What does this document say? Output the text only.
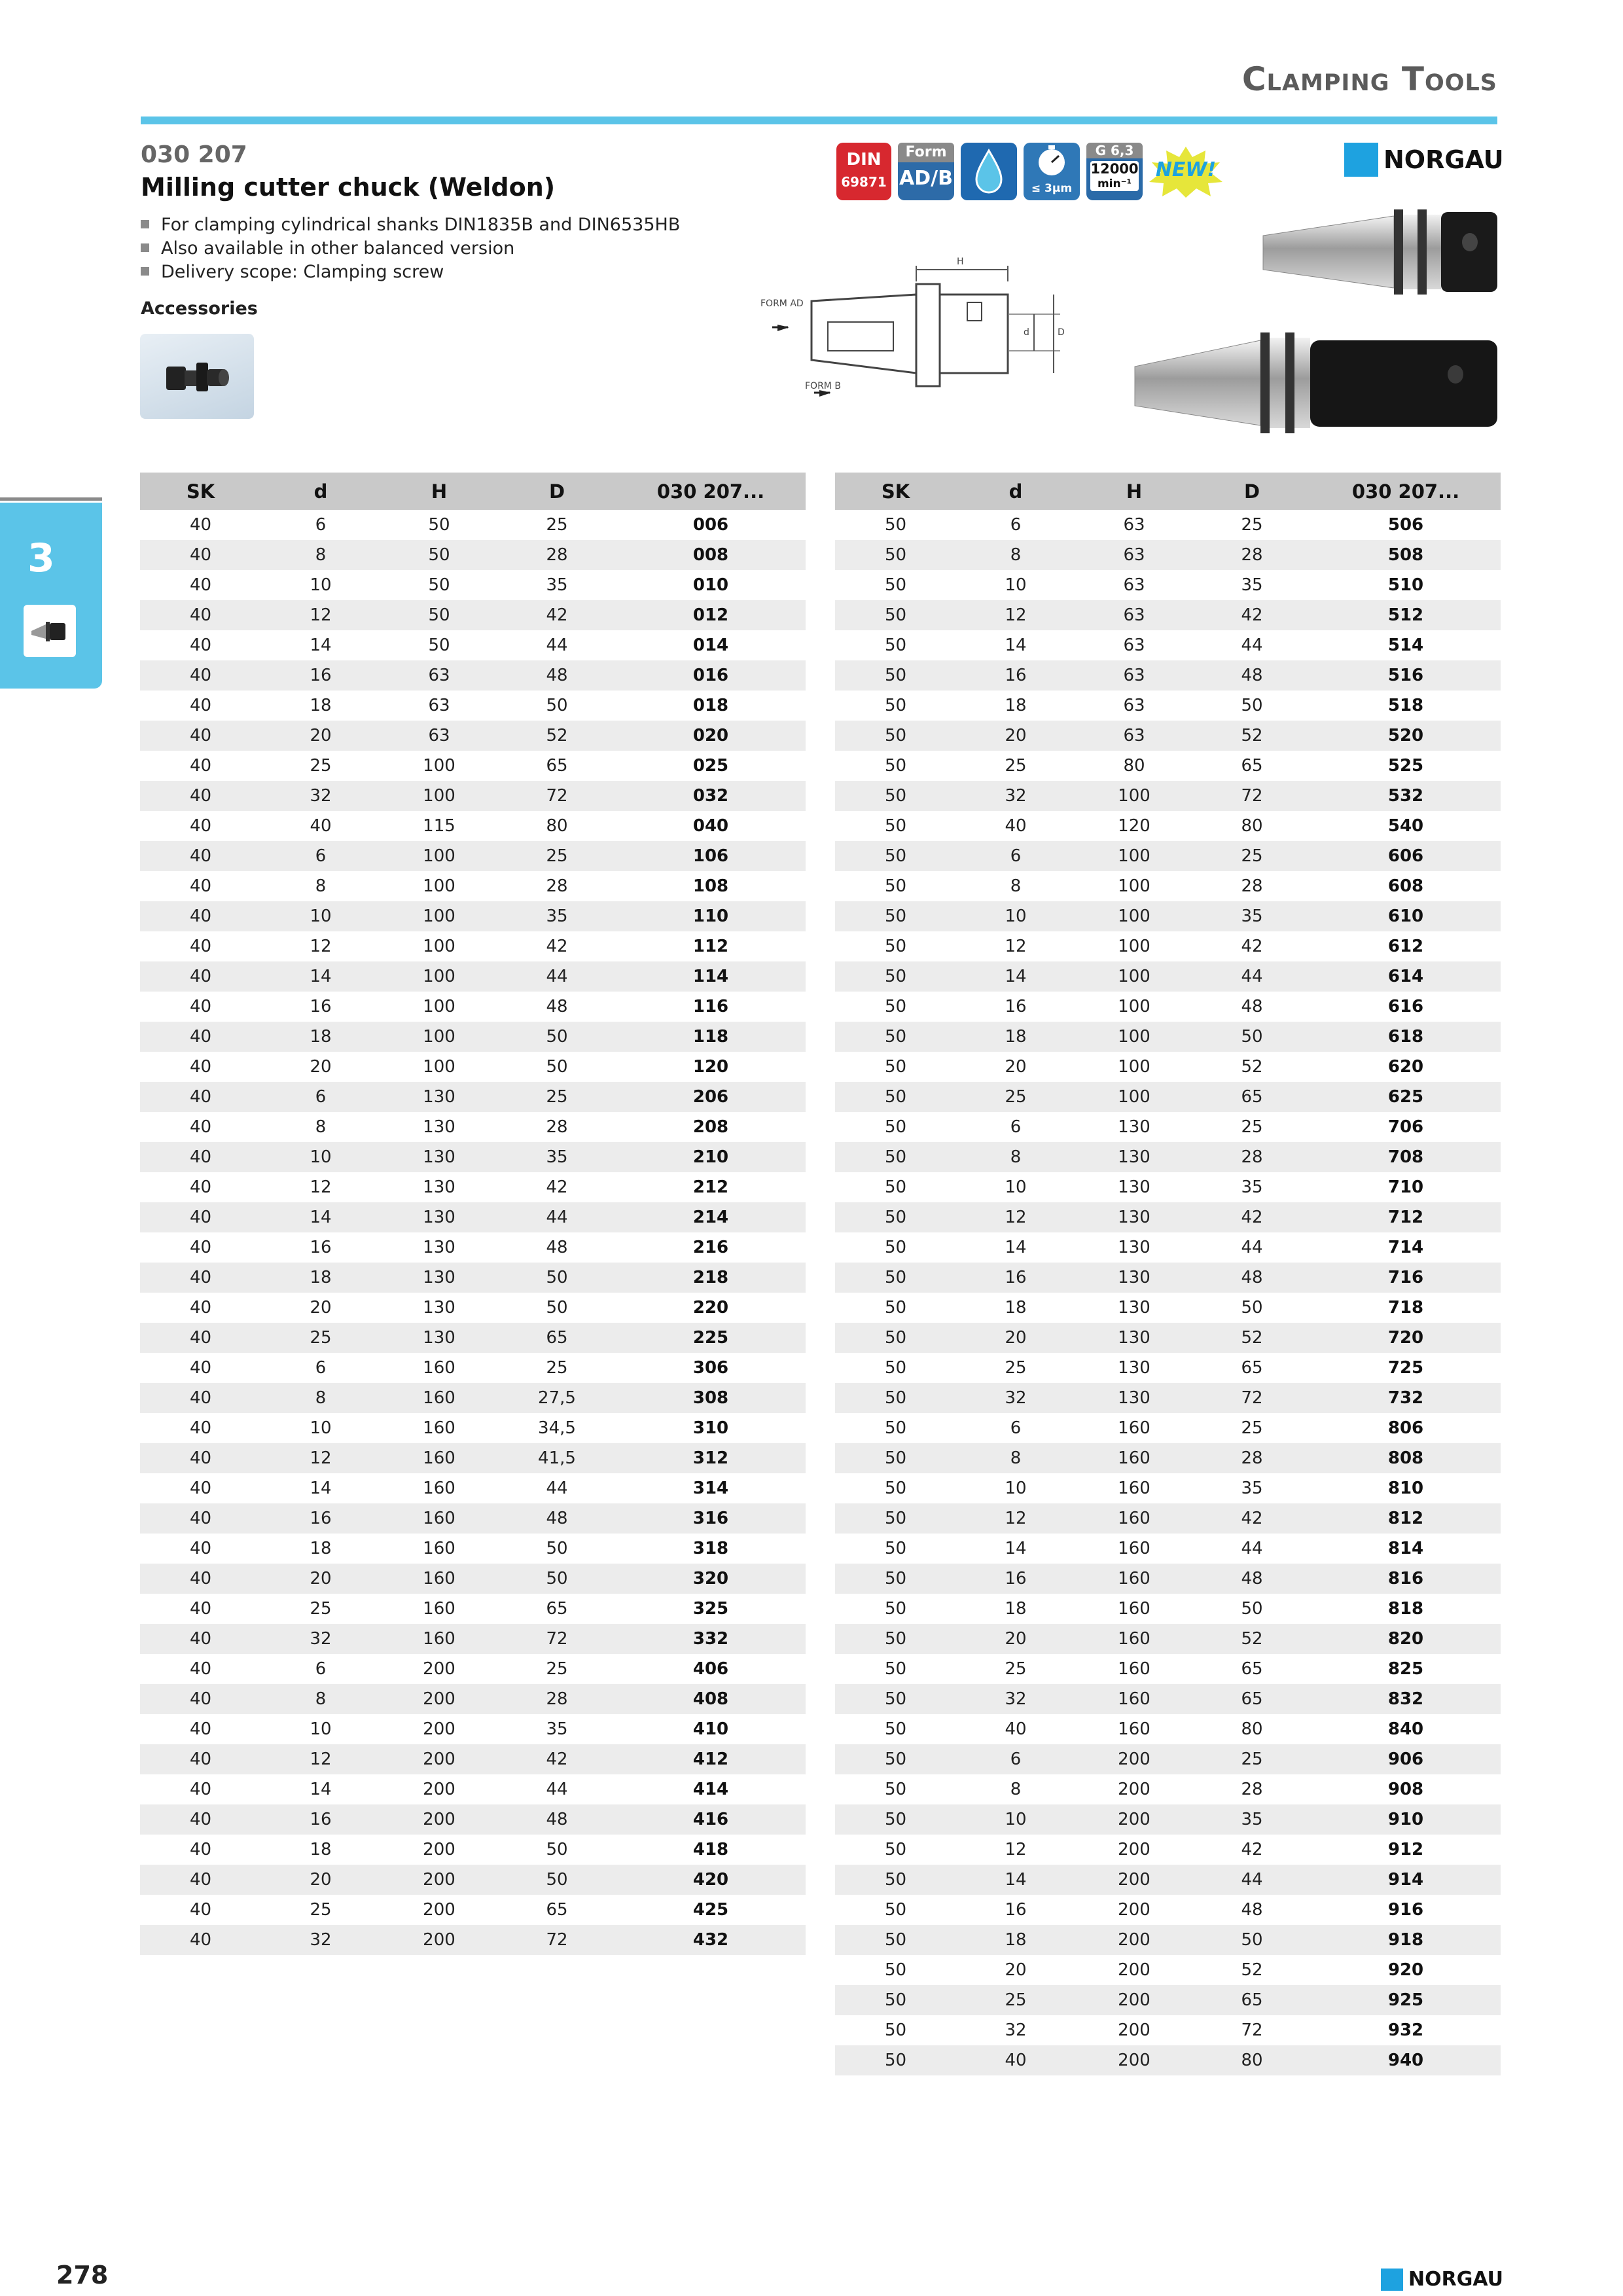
Clamping Tools
030 207
Milling cutter chuck (Weldon)
For clamping cylindrical shanks DIN1835B and DIN6535HB
Also available in other balanced version
Delivery scope: Clamping screw
Accessories
DIN
69871
Form
AD/B	≤ 3µm
G 6,3
12000
min⁻¹
NEW!	NORGAU
FORM AD
FORM B
H
d	D
3
SK	d	H	D	030 207...
40	6	50	25	006
40	8	50	28	008
40	10	50	35	010
40	12	50	42	012
40	14	50	44	014
40	16	63	48	016
40	18	63	50	018
40	20	63	52	020
40	25	100	65	025
40	32	100	72	032
40	40	115	80	040
40	6	100	25	106
40	8	100	28	108
40	10	100	35	110
40	12	100	42	112
40	14	100	44	114
40	16	100	48	116
40	18	100	50	118
40	20	100	50	120
40	6	130	25	206
40	8	130	28	208
40	10	130	35	210
40	12	130	42	212
40	14	130	44	214
40	16	130	48	216
40	18	130	50	218
40	20	130	50	220
40	25	130	65	225
40	6	160	25	306
40	8	160	27,5	308
40	10	160	34,5	310
40	12	160	41,5	312
40	14	160	44	314
40	16	160	48	316
40	18	160	50	318
40	20	160	50	320
40	25	160	65	325
40	32	160	72	332
40	6	200	25	406
40	8	200	28	408
40	10	200	35	410
40	12	200	42	412
40	14	200	44	414
40	16	200	48	416
40	18	200	50	418
40	20	200	50	420
40	25	200	65	425
40	32	200	72	432
SK	d	H	D	030 207...
50	6	63	25	506
50	8	63	28	508
50	10	63	35	510
50	12	63	42	512
50	14	63	44	514
50	16	63	48	516
50	18	63	50	518
50	20	63	52	520
50	25	80	65	525
50	32	100	72	532
50	40	120	80	540
50	6	100	25	606
50	8	100	28	608
50	10	100	35	610
50	12	100	42	612
50	14	100	44	614
50	16	100	48	616
50	18	100	50	618
50	20	100	52	620
50	25	100	65	625
50	6	130	25	706
50	8	130	28	708
50	10	130	35	710
50	12	130	42	712
50	14	130	44	714
50	16	130	48	716
50	18	130	50	718
50	20	130	52	720
50	25	130	65	725
50	32	130	72	732
50	6	160	25	806
50	8	160	28	808
50	10	160	35	810
50	12	160	42	812
50	14	160	44	814
50	16	160	48	816
50	18	160	50	818
50	20	160	52	820
50	25	160	65	825
50	32	160	65	832
50	40	160	80	840
50	6	200	25	906
50	8	200	28	908
50	10	200	35	910
50	12	200	42	912
50	14	200	44	914
50	16	200	48	916
50	18	200	50	918
50	20	200	52	920
50	25	200	65	925
50	32	200	72	932
50	40	200	80	940
278	NORGAU
